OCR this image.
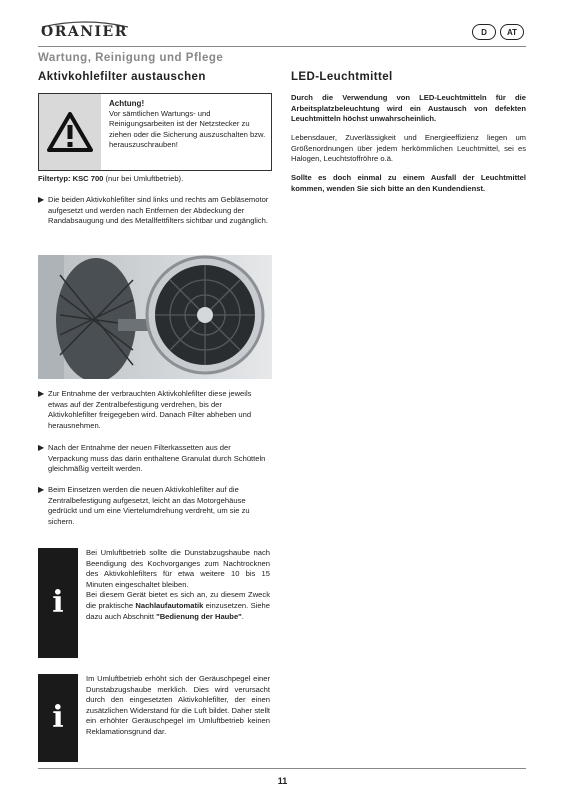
ORANIER	D	AT
Wartung, Reinigung und Pflege
Aktivkohlefilter austauschen	LED-Leuchtmittel
Achtung!
Vor sämtlichen Wartungs- und Reinigungsarbeiten ist der Netzstecker zu ziehen oder die Sicherung auszuschalten bzw. herauszuschrauben!
Filtertyp: KSC 700 (nur bei Umluftbetrieb).
▶ Die beiden Aktivkohlefilter sind links und rechts am Gebläsemotor aufgesetzt und werden nach Entfernen der Abdeckung der Randabsaugung und des Metallfettfilters sichtbar und zugänglich.
▶ Zur Entnahme der verbrauchten Aktivkohlefilter diese jeweils etwas auf der Zentralbefestigung verdrehen, bis der Aktivkohlefilter freigegeben wird. Danach Filter abheben und herausnehmen.
▶ Nach der Entnahme der neuen Filterkassetten aus der Verpackung muss das darin enthaltene Granulat durch Schütteln gleichmäßig verteilt werden.
▶ Beim Einsetzen werden die neuen Aktivkohlefilter auf die Zentralbefestigung aufgesetzt, leicht an das Motorgehäuse gedrückt und um eine Viertelumdrehung verdreht, um sie zu sichern.
i
Bei Umluftbetrieb sollte die Dunstabzugshaube nach Beendigung des Kochvorganges zum Nachtrocknen des Aktivkohlefilters für etwa weitere 10 bis 15 Minuten eingeschaltet bleiben.
Bei diesem Gerät bietet es sich an, zu diesem Zweck die praktische Nachlaufautomatik einzusetzen. Siehe dazu auch Abschnitt "Bedienung der Haube".
i
Im Umluftbetrieb erhöht sich der Geräuschpegel einer Dunstabzugshaube merklich. Dies wird verursacht durch den eingesetzten Aktivkohlefilter, der einen zusätzlichen Widerstand für die Luft bildet. Daher stellt ein erhöhter Geräuschpegel im Umluftbetrieb keinen Reklamationsgrund dar.
Durch die Verwendung von LED-Leuchtmitteln für die Arbeitsplatzbeleuchtung wird ein Austausch von defekten Leuchtmitteln höchst unwahrscheinlich.
Lebensdauer, Zuverlässigkeit und Energieeffizienz liegen um Größenordnungen über jedem herkömmlichen Leuchtmittel, sei es Halogen, Leuchtstoffröhre o.ä.
Sollte es doch einmal zu einem Ausfall der Leuchtmittel kommen, wenden Sie sich bitte an den Kundendienst.
11
